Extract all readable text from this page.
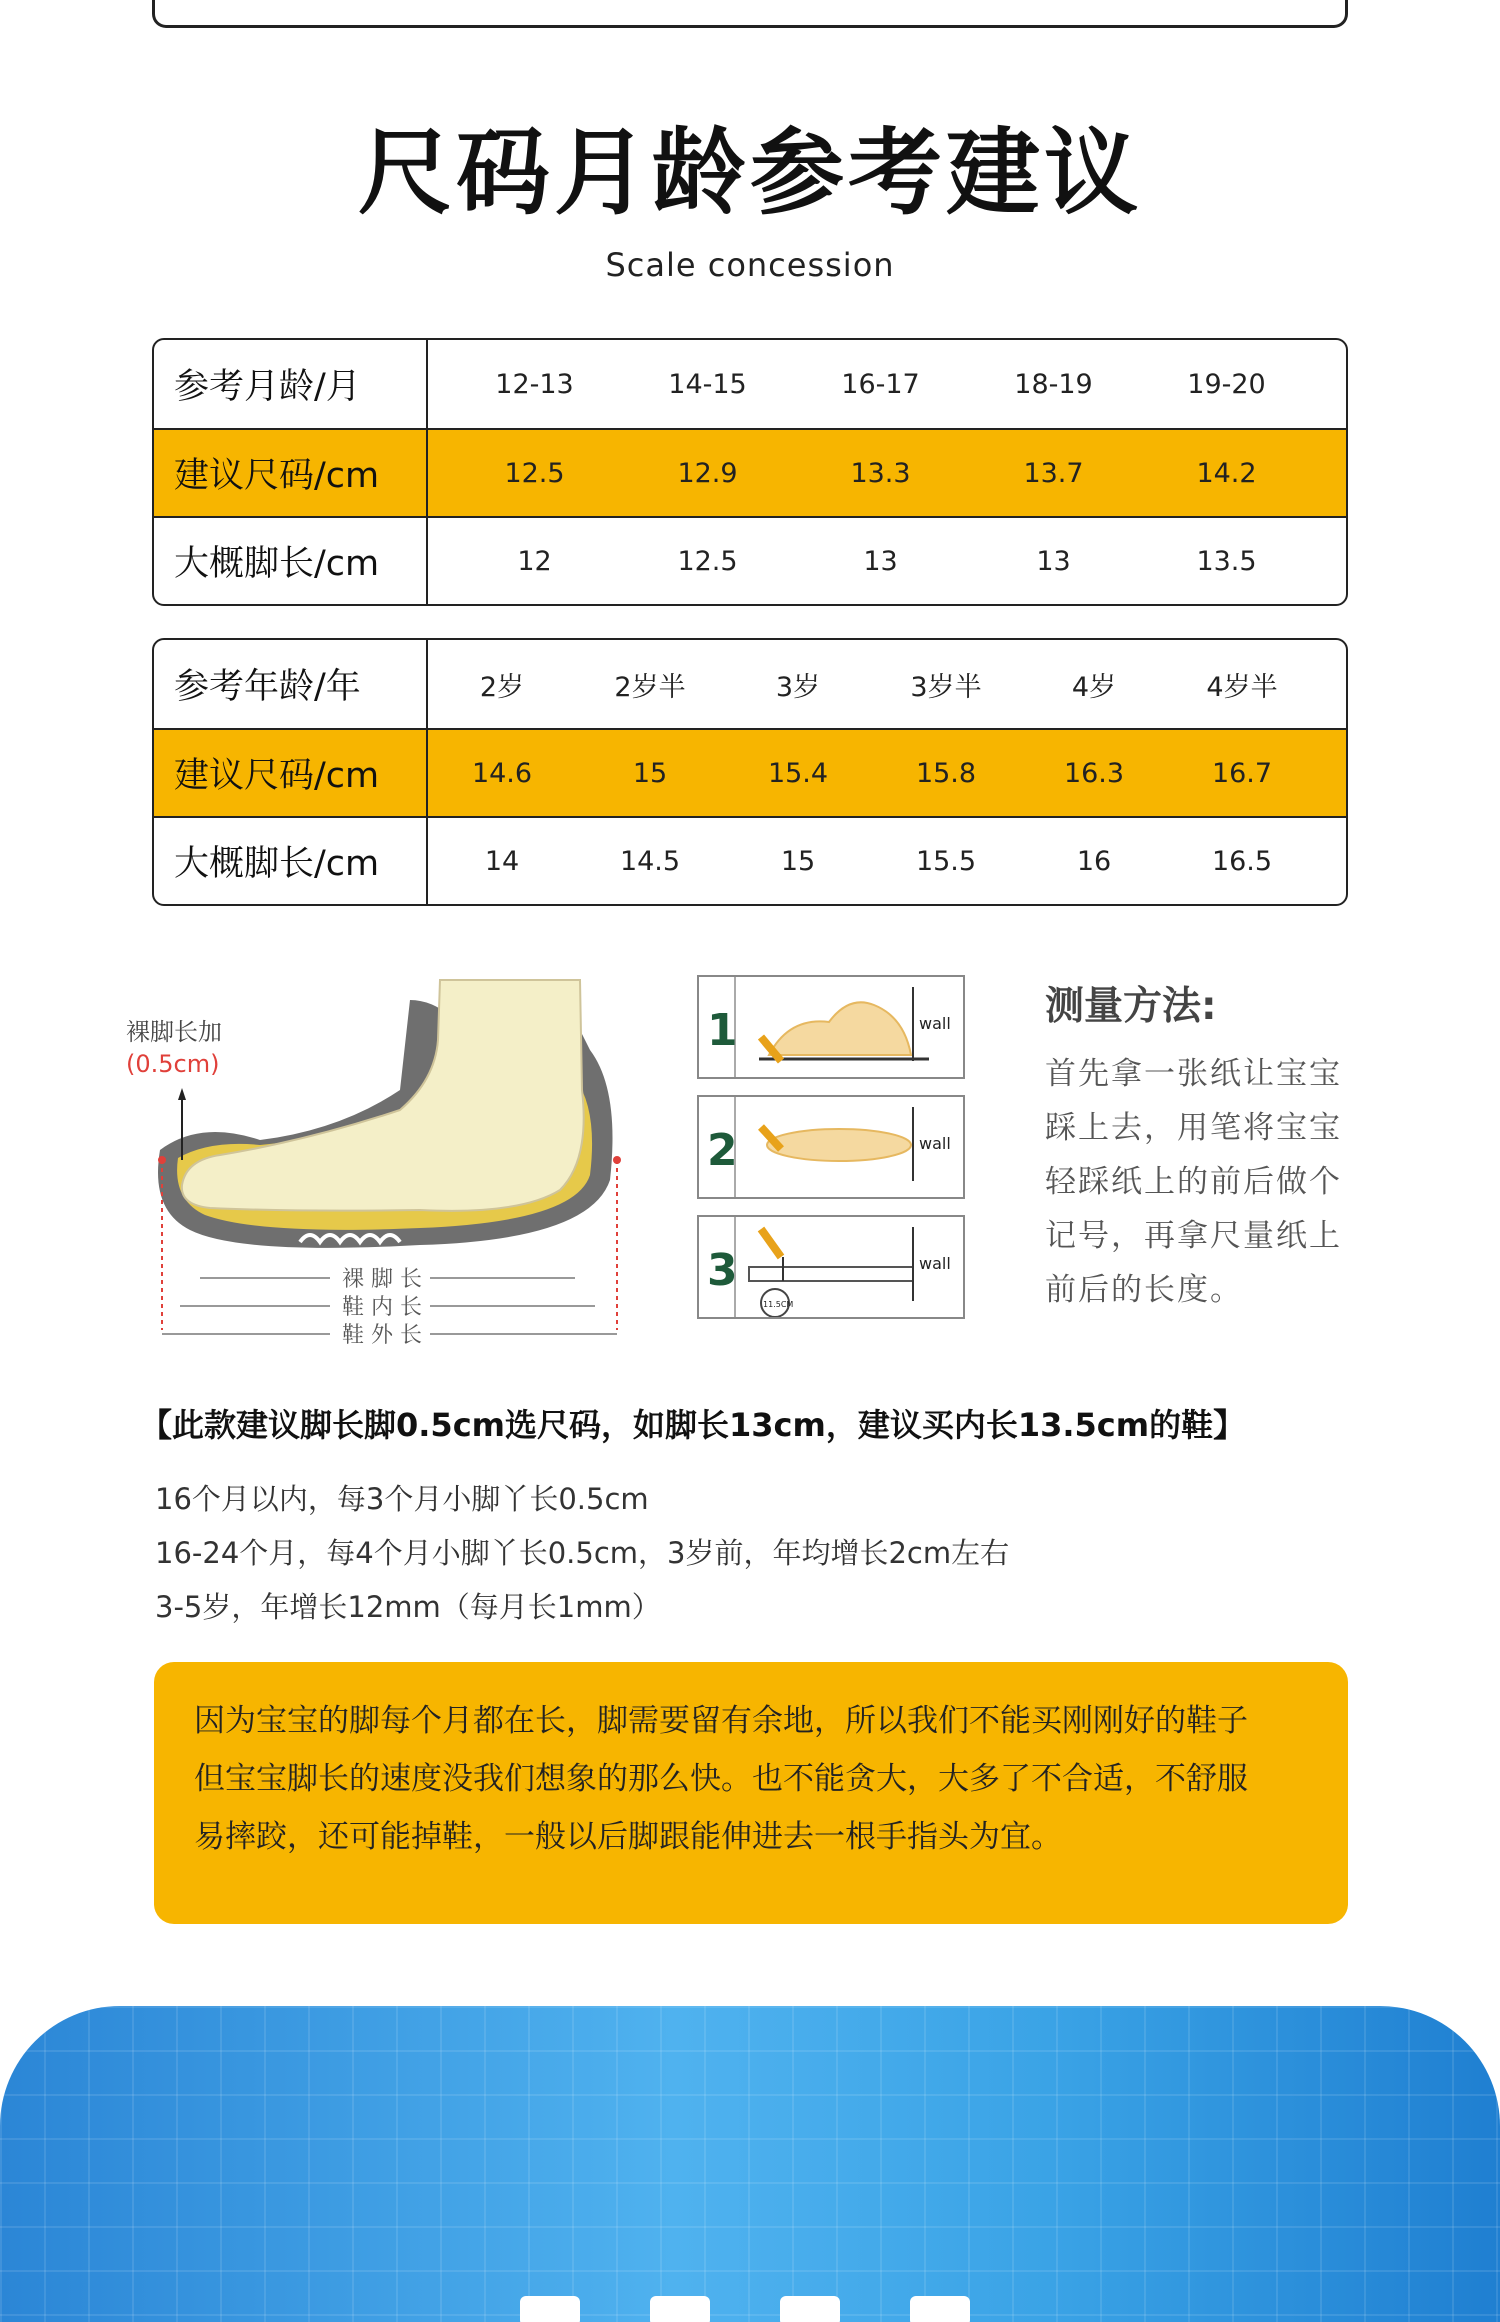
尺码月龄参考建议
Scale concession
参考月龄/月	12-13	14-15	16-17	18-19	19-20
建议尺码/cm	12.5	12.9	13.3	13.7	14.2
大概脚长/cm	12	12.5	13	13	13.5
参考年龄/年	2岁	2岁半	3岁	3岁半	4岁	4岁半
建议尺码/cm	14.6	15	15.4	15.8	16.3	16.7
大概脚长/cm	14	14.5	15	15.5	16	16.5
裸脚长加
(0.5cm)
裸 脚 长
鞋 内 长
鞋 外 长
1	wall
2	wall
3
11.5CM
wall
测量方法:
首先拿一张纸让宝宝
踩上去，用笔将宝宝
轻踩纸上的前后做个
记号，再拿尺量纸上
前后的长度。
【此款建议脚长脚0.5cm选尺码，如脚长13cm，建议买内长13.5cm的鞋】
16个月以内，每3个月小脚丫长0.5cm
16-24个月，每4个月小脚丫长0.5cm，3岁前，年均增长2cm左右
3-5岁，年增长12mm（每月长1mm）
因为宝宝的脚每个月都在长，脚需要留有余地，所以我们不能买刚刚好的鞋子
但宝宝脚长的速度没我们想象的那么快。也不能贪大，大多了不合适，不舒服
易摔跤，还可能掉鞋，一般以后脚跟能伸进去一根手指头为宜。
